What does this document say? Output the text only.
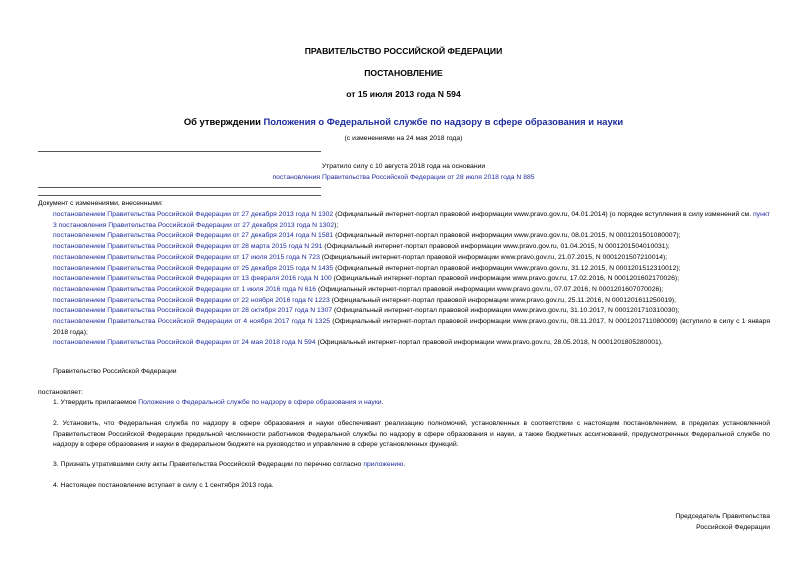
ПРАВИТЕЛЬСТВО РОССИЙСКОЙ ФЕДЕРАЦИИ
ПОСТАНОВЛЕНИЕ
от 15 июля 2013 года N 594
Об утверждении Положения о Федеральной службе по надзору в сфере образования и науки
(с изменениями на 24 мая 2018 года)
Утратило силу с 10 августа 2018 года на основании
постановления Правительства Российской Федерации от 28 июля 2018 года N 885
Документ с изменениями, внесенными:
постановлением Правительства Российской Федерации от 27 декабря 2013 года N 1302 (Официальный интернет-портал правовой информации www.pravo.gov.ru, 04.01.2014) (о порядке вступления в силу изменений см. пункт 3 постановления Правительства Российской Федерации от 27 декабря 2013 года N 1302);
постановлением Правительства Российской Федерации от 27 декабря 2014 года N 1581 (Официальный интернет-портал правовой информации www.pravo.gov.ru, 08.01.2015, N 0001201501080007);
постановлением Правительства Российской Федерации от 28 марта 2015 года N 291 (Официальный интернет-портал правовой информации www.pravo.gov.ru, 01.04.2015, N 0001201504010031);
постановлением Правительства Российской Федерации от 17 июля 2015 года N 723 (Официальный интернет-портал правовой информации www.pravo.gov.ru, 21.07.2015, N 0001201507210014);
постановлением Правительства Российской Федерации от 25 декабря 2015 года N 1435 (Официальный интернет-портал правовой информации www.pravo.gov.ru, 31.12.2015, N 0001201512310012);
постановлением Правительства Российской Федерации от 13 февраля 2016 года N 100 (Официальный интернет-портал правовой информации www.pravo.gov.ru, 17.02.2016, N 0001201602170026);
постановлением Правительства Российской Федерации от 1 июля 2016 года N 616 (Официальный интернет-портал правовой информации www.pravo.gov.ru, 07.07.2016, N 0001201607070026);
постановлением Правительства Российской Федерации от 22 ноября 2016 года N 1223 (Официальный интернет-портал правовой информации www.pravo.gov.ru, 25.11.2016, N 0001201611250019);
постановлением Правительства Российской Федерации от 28 октября 2017 года N 1307 (Официальный интернет-портал правовой информации www.pravo.gov.ru, 31.10.2017, N 0001201710310030);
постановлением Правительства Российской Федерации от 4 ноября 2017 года N 1325 (Официальный интернет-портал правовой информации www.pravo.gov.ru, 08.11.2017, N 0001201711080009) (вступило в силу с 1 января 2018 года);
постановлением Правительства Российской Федерации от 24 мая 2018 года N 594 (Официальный интернет-портал правовой информации www.pravo.gov.ru, 28.05.2018, N 0001201805280001).
Правительство Российской Федерации
постановляет:
1. Утвердить прилагаемое Положение о Федеральной службе по надзору в сфере образования и науки.
2. Установить, что Федеральная служба по надзору в сфере образования и науки обеспечивает реализацию полномочий, установленных в соответствии с настоящим постановлением, в пределах установленной Правительством Российской Федерации предельной численности работников Федеральной службы по надзору в сфере образования и науки, а также бюджетных ассигнований, предусмотренных Федеральной службе по надзору в сфере образования и науки в федеральном бюджете на руководство и управление в сфере установленных функций.
3. Признать утратившими силу акты Правительства Российской Федерации по перечню согласно приложению.
4. Настоящее постановление вступает в силу с 1 сентября 2013 года.
Председатель Правительства
Российской Федерации
